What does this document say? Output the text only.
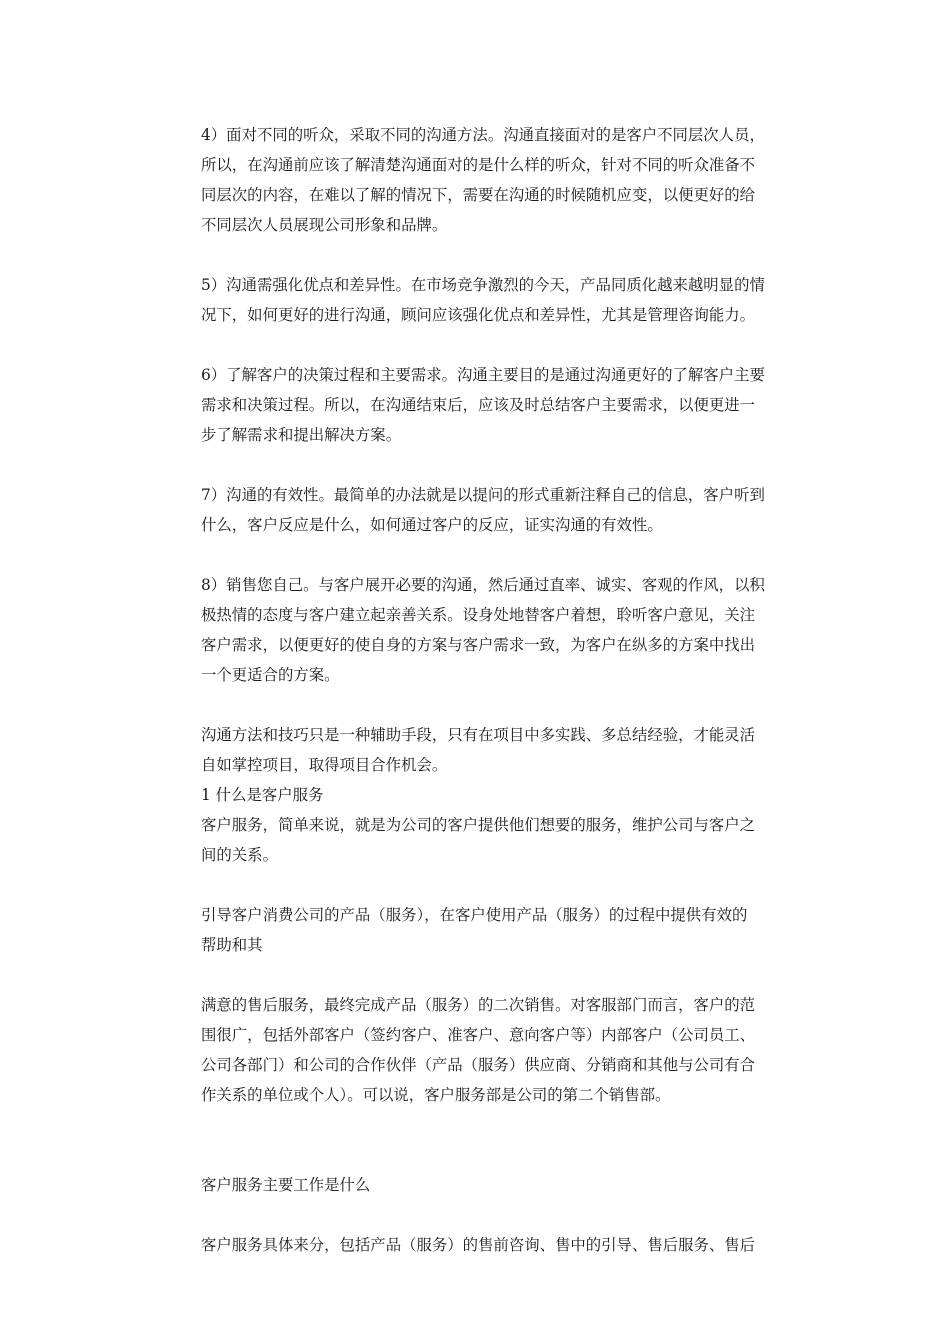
4）面对不同的听众，采取不同的沟通方法。沟通直接面对的是客户不同层次人员，
所以，在沟通前应该了解清楚沟通面对的是什么样的听众，针对不同的听众准备不
同层次的内容，在难以了解的情况下，需要在沟通的时候随机应变，以便更好的给
不同层次人员展现公司形象和品牌。
5）沟通需强化优点和差异性。在市场竞争激烈的今天，产品同质化越来越明显的情
况下，如何更好的进行沟通，顾问应该强化优点和差异性，尤其是管理咨询能力。
6）了解客户的决策过程和主要需求。沟通主要目的是通过沟通更好的了解客户主要
需求和决策过程。所以，在沟通结束后，应该及时总结客户主要需求，以便更进一
步了解需求和提出解决方案。
7）沟通的有效性。最简单的办法就是以提问的形式重新注释自己的信息，客户听到
什么，客户反应是什么，如何通过客户的反应，证实沟通的有效性。
8）销售您自己。与客户展开必要的沟通，然后通过直率、诚实、客观的作风，以积
极热情的态度与客户建立起亲善关系。设身处地替客户着想，聆听客户意见，关注
客户需求，以便更好的使自身的方案与客户需求一致，为客户在纵多的方案中找出
一个更适合的方案。
沟通方法和技巧只是一种辅助手段，只有在项目中多实践、多总结经验，才能灵活
自如掌控项目，取得项目合作机会。
1 什么是客户服务
客户服务，简单来说，就是为公司的客户提供他们想要的服务，维护公司与客户之
间的关系。
引导客户消费公司的产品（服务），在客户使用产品（服务）的过程中提供有效的
帮助和其
满意的售后服务，最终完成产品（服务）的二次销售。对客服部门而言，客户的范
围很广，包括外部客户（签约客户、准客户、意向客户等）内部客户（公司员工、
公司各部门）和公司的合作伙伴（产品（服务）供应商、分销商和其他与公司有合
作关系的单位或个人）。可以说，客户服务部是公司的第二个销售部。
客户服务主要工作是什么
客户服务具体来分，包括产品（服务）的售前咨询、售中的引导、售后服务、售后
